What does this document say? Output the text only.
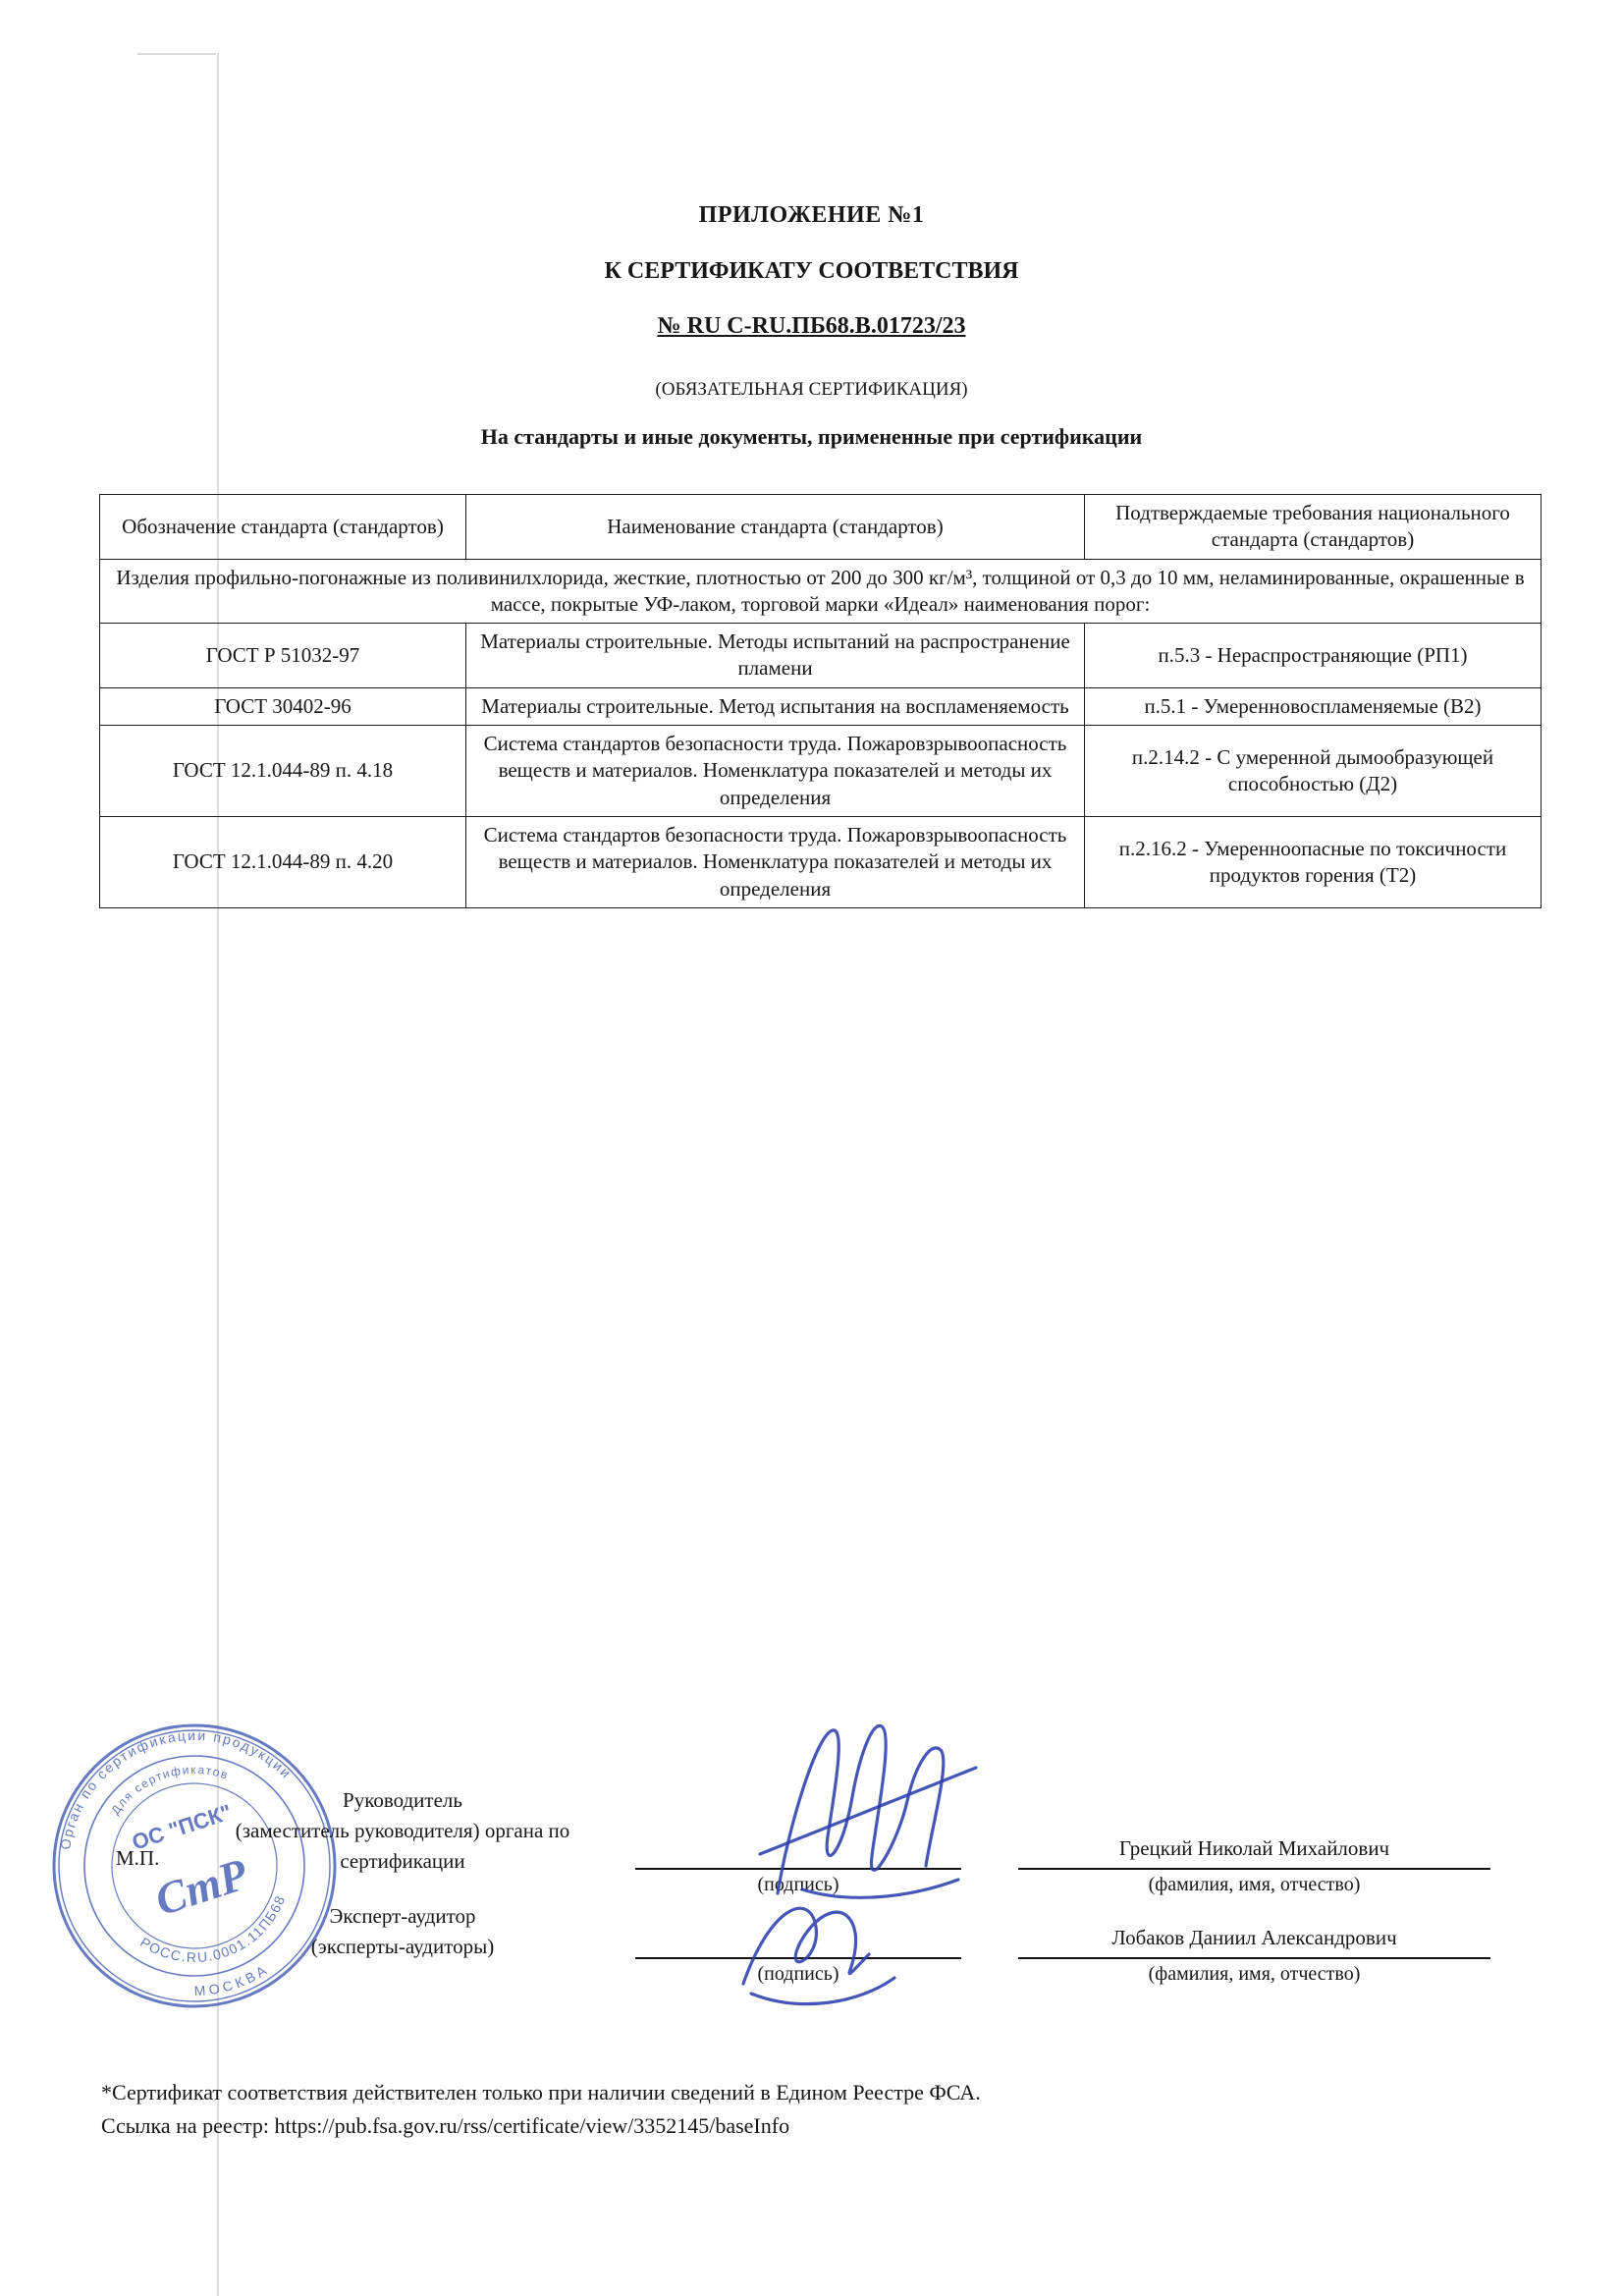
ПРИЛОЖЕНИЕ №1
К СЕРТИФИКАТУ СООТВЕТСТВИЯ
№ RU C-RU.ПБ68.В.01723/23
(ОБЯЗАТЕЛЬНАЯ СЕРТИФИКАЦИЯ)
На стандарты и иные документы, примененные при сертификации
Обозначение стандарта (стандартов)	Наименование стандарта (стандартов)	Подтверждаемые требования национального стандарта (стандартов)
Изделия профильно-погонажные из поливинилхлорида, жесткие, плотностью от 200 до 300 кг/м³, толщиной от 0,3 до 10 мм, неламинированные, окрашенные в массе, покрытые УФ-лаком, торговой марки «Идеал» наименования порог:		
ГОСТ Р 51032-97	Материалы строительные. Методы испытаний на распространение пламени	п.5.3 - Нераспространяющие (РП1)
ГОСТ 30402-96	Материалы строительные. Метод испытания на воспламеняемость	п.5.1 - Умеренновоспламеняемые (В2)
ГОСТ 12.1.044-89 п. 4.18	Система стандартов безопасности труда. Пожаровзрывоопасность веществ и материалов. Номенклатура показателей и методы их определения	п.2.14.2 - С умеренной дымообразующей способностью (Д2)
ГОСТ 12.1.044-89 п. 4.20	Система стандартов безопасности труда. Пожаровзрывоопасность веществ и материалов. Номенклатура показателей и методы их определения	п.2.16.2 - Умеренноопасные по токсичности продуктов горения (Т2)
Орган по сертификации продукции
Для сертификатов
РОСС.RU.0001.11ПБ68
МОСКВА
ОС "ПСК"
СтР
М.П.
Руководитель
(заместитель руководителя) органа по
сертификации
Эксперт-аудитор
(эксперты-аудиторы)
(подпись)
Грецкий Николай Михайлович
(фамилия, имя, отчество)
(подпись)
Лобаков Даниил Александрович
(фамилия, имя, отчество)
*Сертификат соответствия действителен только при наличии сведений в Едином Реестре ФСА.
Ссылка на реестр: https://pub.fsa.gov.ru/rss/certificate/view/3352145/baseInfo
